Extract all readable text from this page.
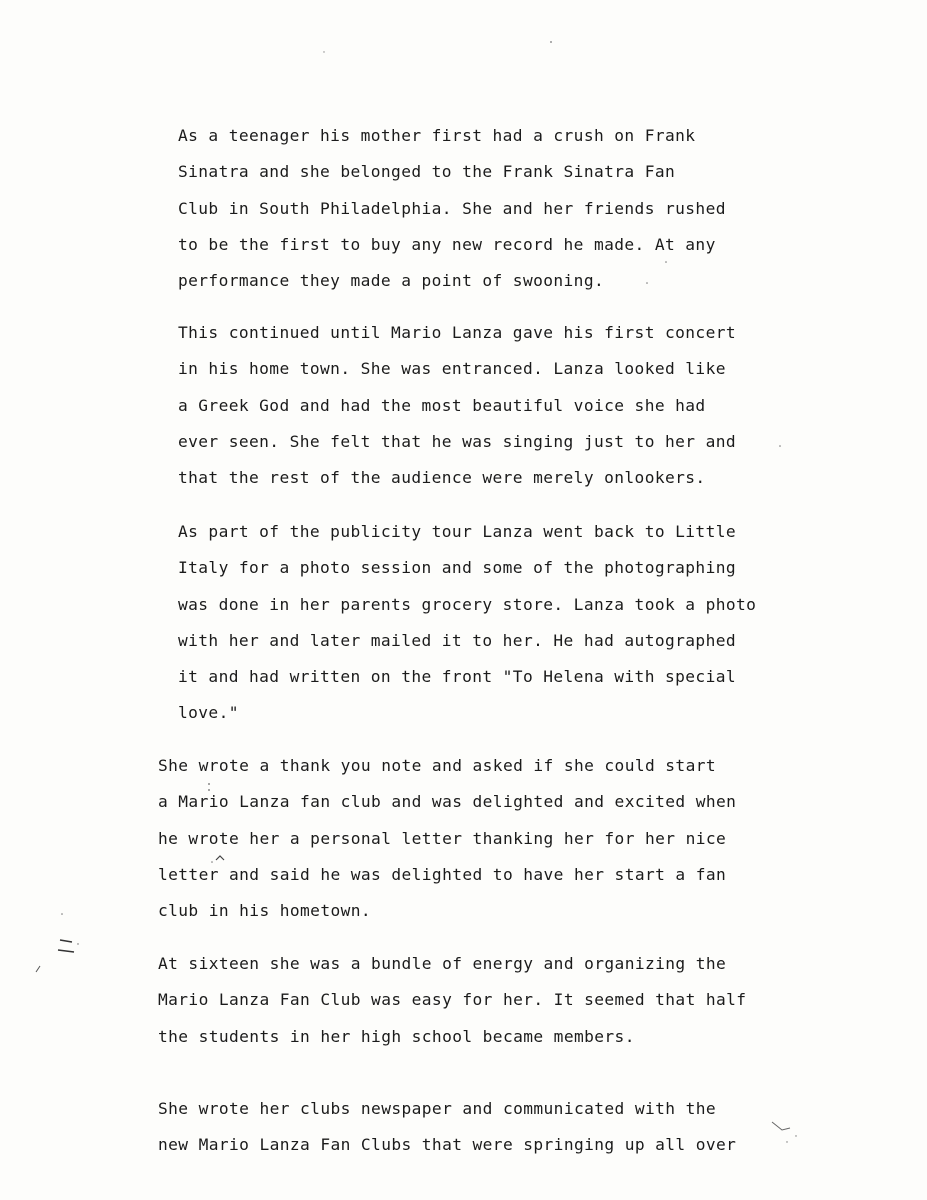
As a teenager his mother first had a crush on Frank
Sinatra and she belonged to the Frank Sinatra Fan
Club in South Philadelphia. She and her friends rushed
to be the first to buy any new record he made. At any
performance they made a point of swooning.
This continued until Mario Lanza gave his first concert
in his home town. She was entranced. Lanza looked like
a Greek God and had the most beautiful voice she had
ever seen. She felt that he was singing just to her and
that the rest of the audience were merely onlookers.
As part of the publicity tour Lanza went back to Little
Italy for a photo session and some of the photographing
was done in her parents grocery store. Lanza took a photo
with her and later mailed it to her. He had autographed
it and had written on the front "To Helena with special
love."
She wrote a thank you note and asked if she could start
a Mario Lanza fan club and was delighted and excited when
he wrote her a personal letter thanking her for her nice
letter and said he was delighted to have her start a fan
club in his hometown.
At sixteen she was a bundle of energy and organizing the
Mario Lanza Fan Club was easy for her. It seemed that half
the students in her high school became members.
She wrote her clubs newspaper and communicated with the
new Mario Lanza Fan Clubs that were springing up all over
